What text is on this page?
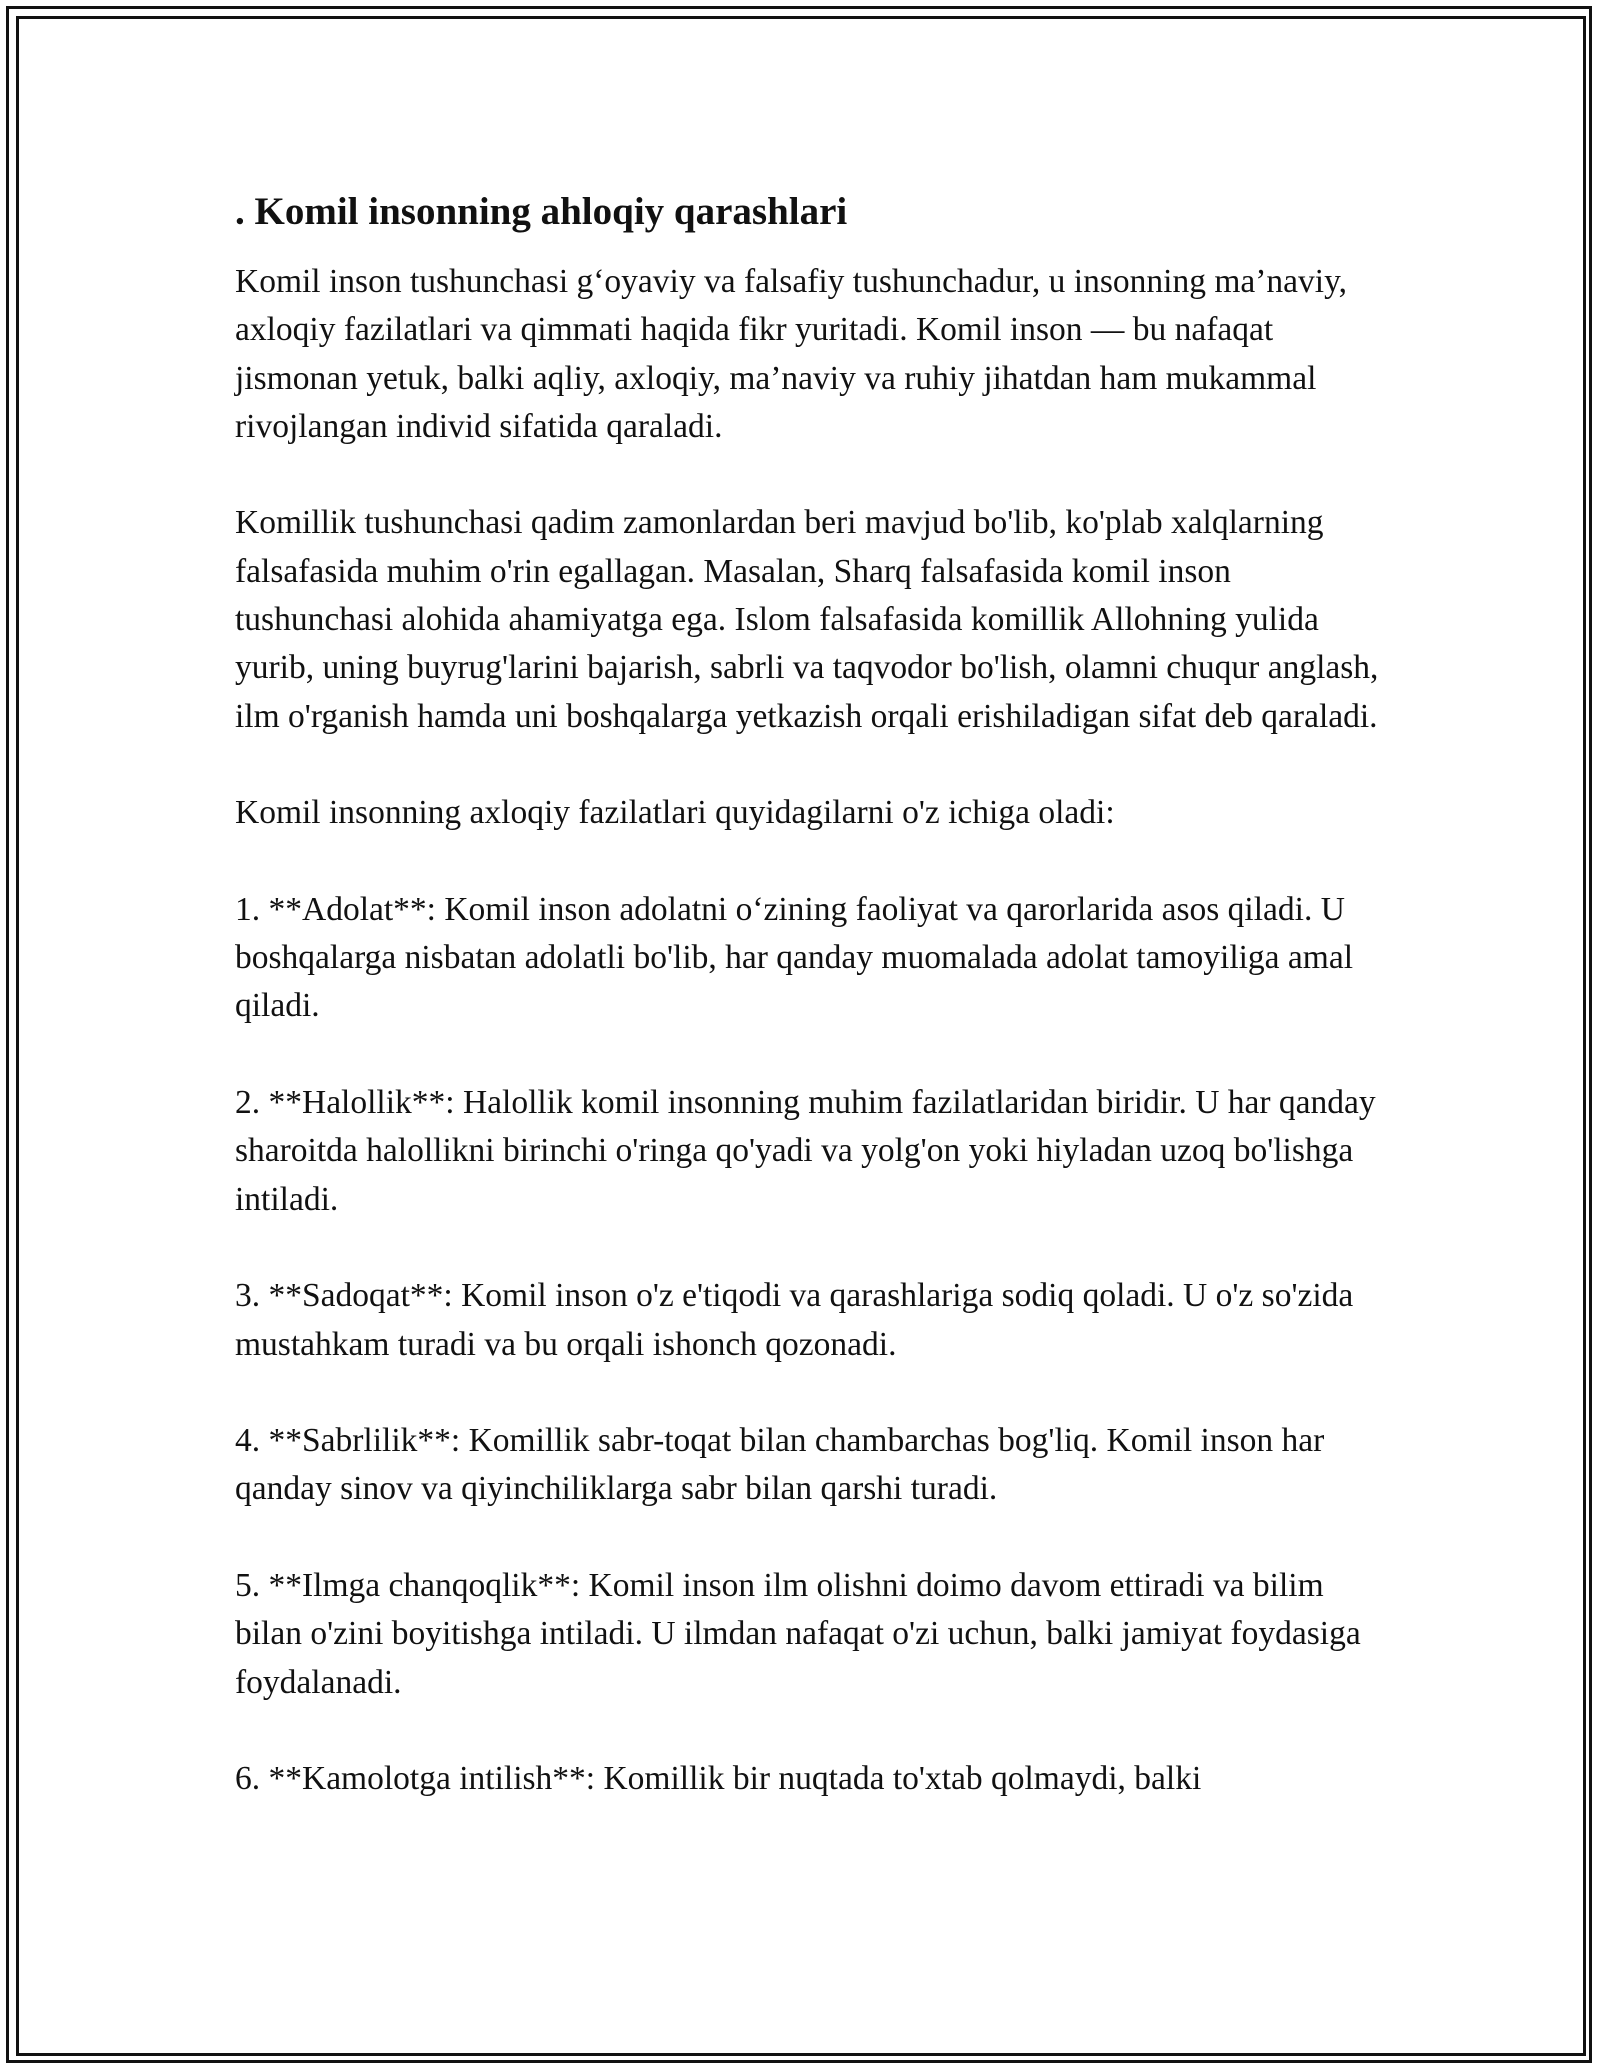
. Komil insonning ahloqiy qarashlari

Komil inson tushunchasi g‘oyaviy va falsafiy tushunchadur, u insonning ma’naviy, axloqiy fazilatlari va qimmati haqida fikr yuritadi. Komil inson — bu nafaqat jismonan yetuk, balki aqliy, axloqiy, ma’naviy va ruhiy jihatdan ham mukammal rivojlangan individ sifatida qaraladi.

Komillik tushunchasi qadim zamonlardan beri mavjud bo'lib, ko'plab xalqlarning falsafasida muhim o'rin egallagan. Masalan, Sharq falsafasida komil inson tushunchasi alohida ahamiyatga ega. Islom falsafasida komillik Allohning yulida yurib, uning buyrug'larini bajarish, sabrli va taqvodor bo'lish, olamni chuqur anglash, ilm o'rganish hamda uni boshqalarga yetkazish orqali erishiladigan sifat deb qaraladi.

Komil insonning axloqiy fazilatlari quyidagilarni o'z ichiga oladi:

1. **Adolat**: Komil inson adolatni o‘zining faoliyat va qarorlarida asos qiladi. U boshqalarga nisbatan adolatli bo'lib, har qanday muomalada adolat tamoyiliga amal qiladi.

2. **Halollik**: Halollik komil insonning muhim fazilatlaridan biridir. U har qanday sharoitda halollikni birinchi o'ringa qo'yadi va yolg'on yoki hiyladan uzoq bo'lishga intiladi.

3. **Sadoqat**: Komil inson o'z e'tiqodi va qarashlariga sodiq qoladi. U o'z so'zida mustahkam turadi va bu orqali ishonch qozonadi.

4. **Sabrlilik**: Komillik sabr-toqat bilan chambarchas bog'liq. Komil inson har qanday sinov va qiyinchiliklarga sabr bilan qarshi turadi.

5. **Ilmga chanqoqlik**: Komil inson ilm olishni doimo davom ettiradi va bilim bilan o'zini boyitishga intiladi. U ilmdan nafaqat o'zi uchun, balki jamiyat foydasiga foydalanadi.

6. **Kamolotga intilish**: Komillik bir nuqtada to'xtab qolmaydi, balki
